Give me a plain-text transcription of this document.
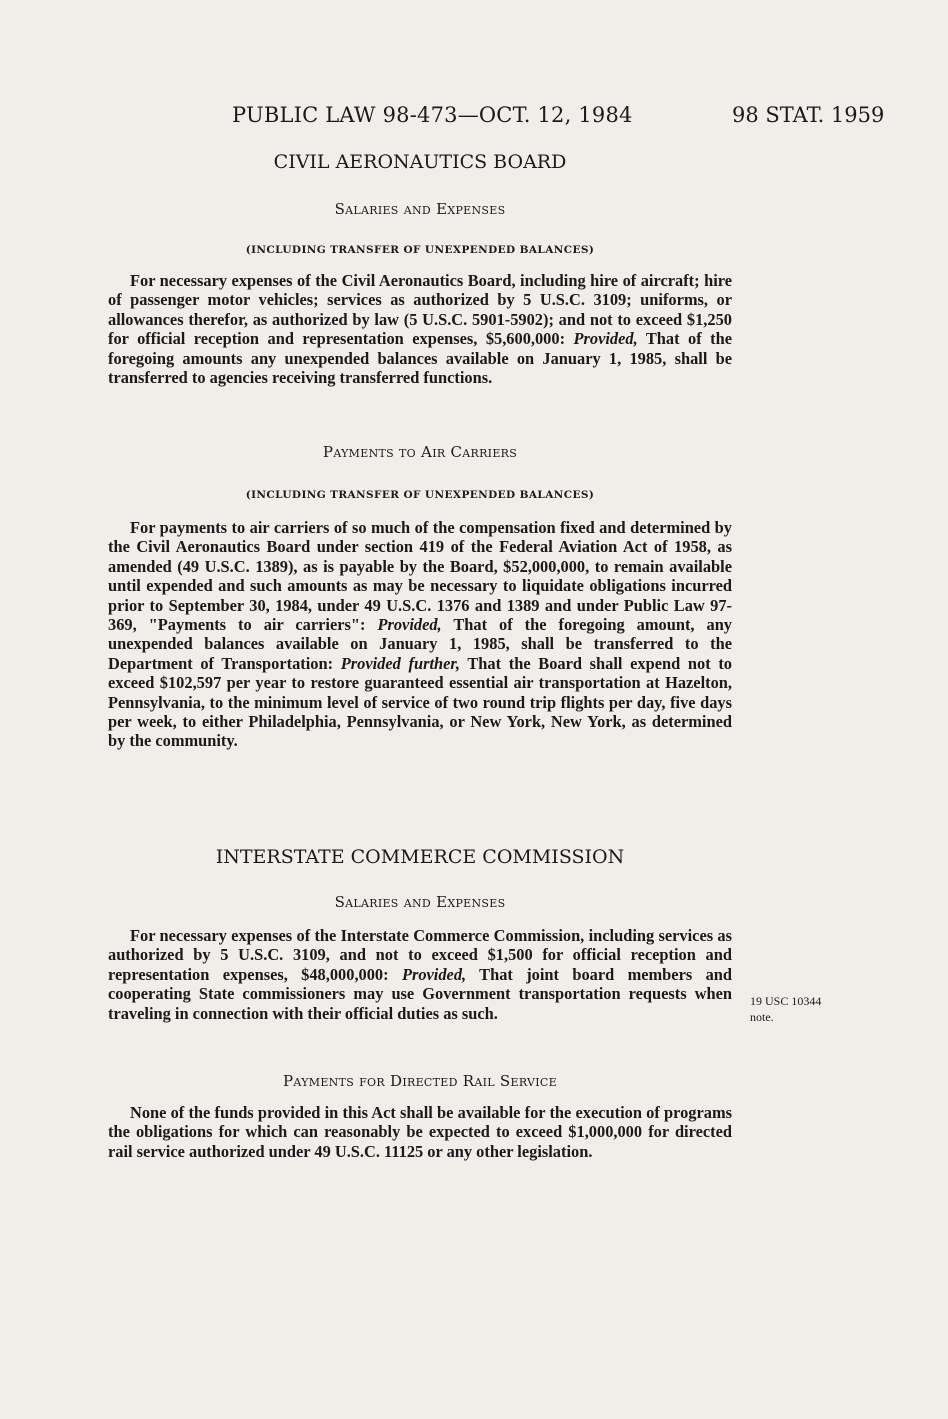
PUBLIC LAW 98-473—OCT. 12, 1984	98 STAT. 1959
CIVIL AERONAUTICS BOARD
Salaries and Expenses
(INCLUDING TRANSFER OF UNEXPENDED BALANCES)
For necessary expenses of the Civil Aeronautics Board, including hire of aircraft; hire of passenger motor vehicles; services as authorized by 5 U.S.C. 3109; uniforms, or allowances therefor, as authorized by law (5 U.S.C. 5901-5902); and not to exceed $1,250 for official reception and representation expenses, $5,600,000: Provided, That of the foregoing amounts any unexpended balances available on January 1, 1985, shall be transferred to agencies receiving transferred functions.
Payments to Air Carriers
(INCLUDING TRANSFER OF UNEXPENDED BALANCES)
For payments to air carriers of so much of the compensation fixed and determined by the Civil Aeronautics Board under section 419 of the Federal Aviation Act of 1958, as amended (49 U.S.C. 1389), as is payable by the Board, $52,000,000, to remain available until expended and such amounts as may be necessary to liquidate obligations incurred prior to September 30, 1984, under 49 U.S.C. 1376 and 1389 and under Public Law 97-369, "Payments to air carriers": Provided, That of the foregoing amount, any unexpended balances available on January 1, 1985, shall be transferred to the Department of Transportation: Provided further, That the Board shall expend not to exceed $102,597 per year to restore guaranteed essential air transportation at Hazelton, Pennsylvania, to the minimum level of service of two round trip flights per day, five days per week, to either Philadelphia, Pennsylvania, or New York, New York, as determined by the community.
INTERSTATE COMMERCE COMMISSION
Salaries and Expenses
For necessary expenses of the Interstate Commerce Commission, including services as authorized by 5 U.S.C. 3109, and not to exceed $1,500 for official reception and representation expenses, $48,000,000: Provided, That joint board members and cooperating State commissioners may use Government transportation requests when traveling in connection with their official duties as such.
19 USC 10344
note.
Payments for Directed Rail Service
None of the funds provided in this Act shall be available for the execution of programs the obligations for which can reasonably be expected to exceed $1,000,000 for directed rail service authorized under 49 U.S.C. 11125 or any other legislation.
